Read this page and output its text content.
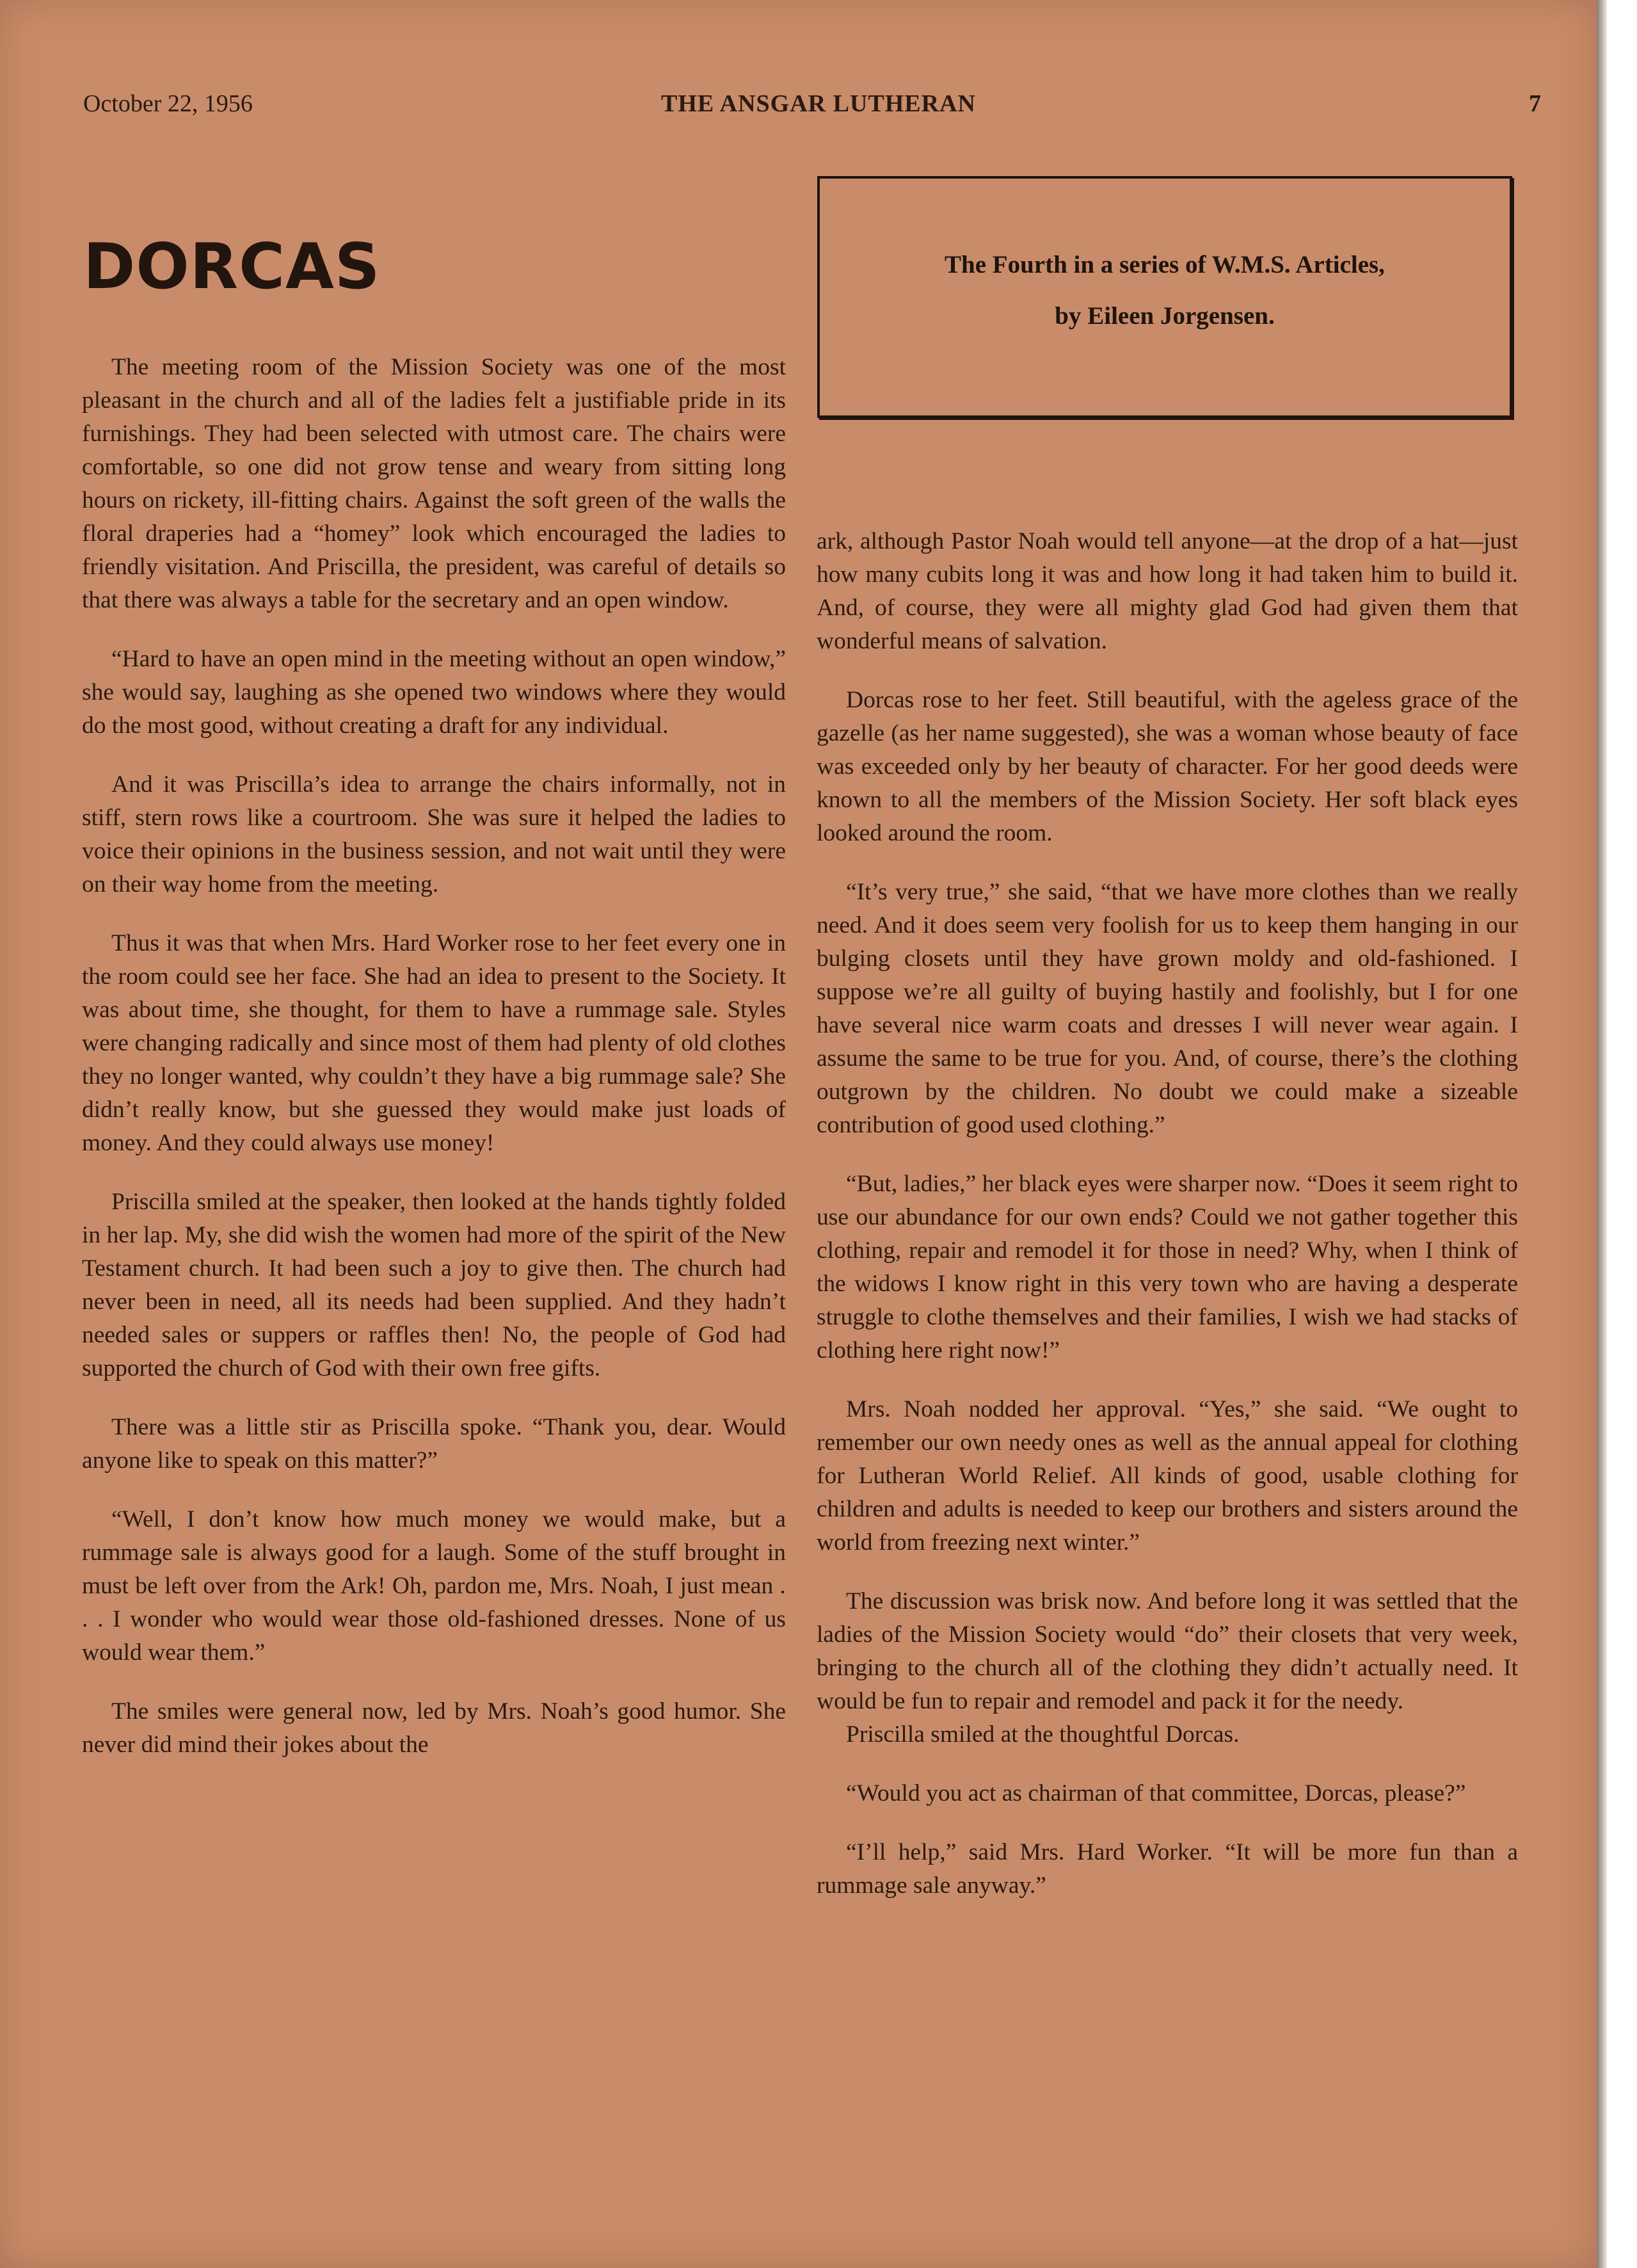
October 22, 1956	THE ANSGAR LUTHERAN	7
DORCAS	The Fourth in a series of W.M.S. Articles,
by Eileen Jorgensen.

The meeting room of the Mission Society was one of the most pleasant in the church and all of the ladies felt a justifiable pride in its furnishings. They had been selected with utmost care. The chairs were comfortable, so one did not grow tense and weary from sitting long hours on rickety, ill-fitting chairs. Against the soft green of the walls the floral draperies had a “homey” look which encouraged the ladies to friendly visitation. And Priscilla, the president, was careful of details so that there was always a table for the secretary and an open window.

“Hard to have an open mind in the meeting without an open window,” she would say, laughing as she opened two windows where they would do the most good, without creating a draft for any individual.

And it was Priscilla’s idea to arrange the chairs informally, not in stiff, stern rows like a courtroom. She was sure it helped the ladies to voice their opinions in the business session, and not wait until they were on their way home from the meeting.

Thus it was that when Mrs. Hard Worker rose to her feet every one in the room could see her face. She had an idea to present to the Society. It was about time, she thought, for them to have a rummage sale. Styles were changing radically and since most of them had plenty of old clothes they no longer wanted, why couldn’t they have a big rummage sale? She didn’t really know, but she guessed they would make just loads of money. And they could always use money!

Priscilla smiled at the speaker, then looked at the hands tightly folded in her lap. My, she did wish the women had more of the spirit of the New Testament church. It had been such a joy to give then. The church had never been in need, all its needs had been supplied. And they hadn’t needed sales or suppers or raffles then! No, the people of God had supported the church of God with their own free gifts.

There was a little stir as Priscilla spoke. “Thank you, dear. Would anyone like to speak on this matter?”

“Well, I don’t know how much money we would make, but a rummage sale is always good for a laugh. Some of the stuff brought in must be left over from the Ark! Oh, pardon me, Mrs. Noah, I just mean . . . I wonder who would wear those old-fashioned dresses. None of us would wear them.”

The smiles were general now, led by Mrs. Noah’s good humor. She never did mind their jokes about the

ark, although Pastor Noah would tell anyone—at the drop of a hat—just how many cubits long it was and how long it had taken him to build it. And, of course, they were all mighty glad God had given them that wonderful means of salvation.

Dorcas rose to her feet. Still beautiful, with the ageless grace of the gazelle (as her name suggested), she was a woman whose beauty of face was exceeded only by her beauty of character. For her good deeds were known to all the members of the Mission Society. Her soft black eyes looked around the room.

“It’s very true,” she said, “that we have more clothes than we really need. And it does seem very foolish for us to keep them hanging in our bulging closets until they have grown moldy and old-fashioned. I suppose we’re all guilty of buying hastily and foolishly, but I for one have several nice warm coats and dresses I will never wear again. I assume the same to be true for you. And, of course, there’s the clothing outgrown by the children. No doubt we could make a sizeable contribution of good used clothing.”

“But, ladies,” her black eyes were sharper now. “Does it seem right to use our abundance for our own ends? Could we not gather together this clothing, repair and remodel it for those in need? Why, when I think of the widows I know right in this very town who are having a desperate struggle to clothe themselves and their families, I wish we had stacks of clothing here right now!”

Mrs. Noah nodded her approval. “Yes,” she said. “We ought to remember our own needy ones as well as the annual appeal for clothing for Lutheran World Relief. All kinds of good, usable clothing for children and adults is needed to keep our brothers and sisters around the world from freezing next winter.”

The discussion was brisk now. And before long it was settled that the ladies of the Mission Society would “do” their closets that very week, bringing to the church all of the clothing they didn’t actually need. It would be fun to repair and remodel and pack it for the needy.

Priscilla smiled at the thoughtful Dorcas.

“Would you act as chairman of that committee, Dorcas, please?”

“I’ll help,” said Mrs. Hard Worker. “It will be more fun than a rummage sale anyway.”
